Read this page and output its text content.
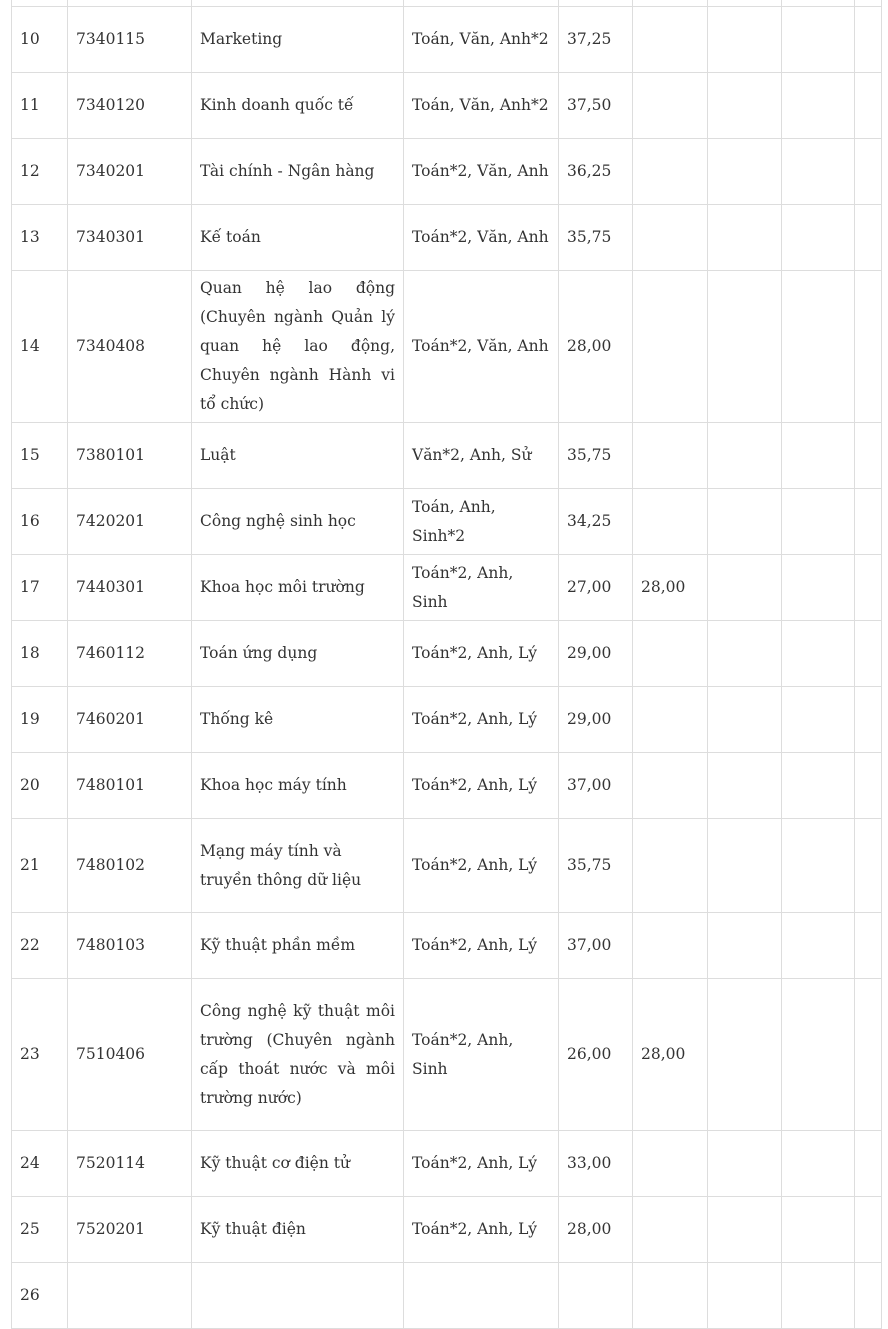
10	7340115	Marketing	Toán, Văn, Anh*2	37,25				
11	7340120	Kinh doanh quốc tế	Toán, Văn, Anh*2	37,50				
12	7340201	Tài chính - Ngân hàng	Toán*2, Văn, Anh	36,25				
13	7340301	Kế toán	Toán*2, Văn, Anh	35,75				
14	7340408	Quan hệ lao động (Chuyên ngành Quản lý quan hệ lao động, Chuyên ngành Hành vi tổ chức)	Toán*2, Văn, Anh	28,00				
15	7380101	Luật	Văn*2, Anh, Sử	35,75				
16	7420201	Công nghệ sinh học	Toán, Anh, Sinh*2	34,25				
17	7440301	Khoa học môi trường	Toán*2, Anh, Sinh	27,00	28,00			
18	7460112	Toán ứng dụng	Toán*2, Anh, Lý	29,00				
19	7460201	Thống kê	Toán*2, Anh, Lý	29,00				
20	7480101	Khoa học máy tính	Toán*2, Anh, Lý	37,00				
21	7480102	Mạng máy tính và truyền thông dữ liệu	Toán*2, Anh, Lý	35,75				
22	7480103	Kỹ thuật phần mềm	Toán*2, Anh, Lý	37,00				
23	7510406	Công nghệ kỹ thuật môi trường (Chuyên ngành cấp thoát nước và môi trường nước)	Toán*2, Anh, Sinh	26,00	28,00			
24	7520114	Kỹ thuật cơ điện tử	Toán*2, Anh, Lý	33,00				
25	7520201	Kỹ thuật điện	Toán*2, Anh, Lý	28,00				
26								
